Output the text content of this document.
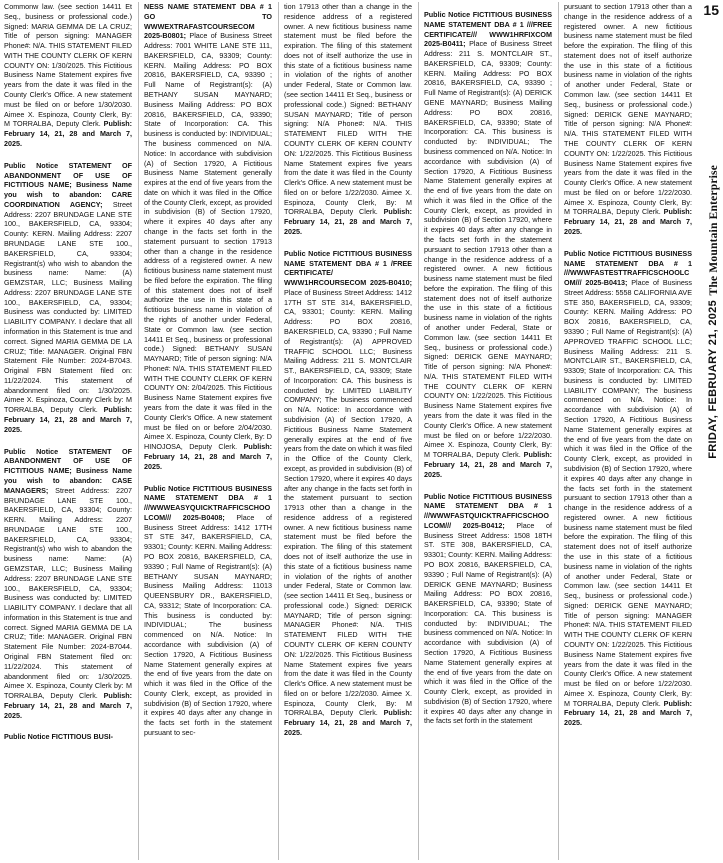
Commonw law. (see section 14411 Et Seq., business or professional code.) Signed: MARIA GEMMA DE LA CRUZ; Title of person signing: MANAGER Phone#: N/A. THIS STATEMENT FILED WITH THE COUNTY CLERK OF KERN COUNTY ON: 1/30/2025. This Fictitious Business Name Statement expires five years from the date it was filed in the County Clerk's Office. A new statement must be filed on or before 1/30/2030. Aimee X. Espinoza, County Clerk, By: M TORRALBA, Deputy Clerk. Publish: February 14, 21, 28 and March 7, 2025.
Public Notice STATEMENT OF ABANDONMENT OF USE OF FICTITIOUS NAME; Business Name you wish to abandon: CARE COORDINATION AGENCY; Street Address: 2207 BRUNDAGE LANE STE 100., BAKERSFIELD, CA, 93304; County: KERN. Mailing Address: 2207 BRUNDAGE LANE STE 100., BAKERSFIELD, CA, 93304; Registrant(s) who wish to abandon the business name: Name: (A) GEMZSTAR, LLC; Business Mailing Address: 2207 BRUNDAGE LANE STE 100., BAKERSFIELD, CA, 93304; Business was conducted by: LIMITED LIABILITY COMPANY. I declare that all information in this Statement is true and correct. Signed MARIA GEMMA DE LA CRUZ; Title: MANAGER. Original FBN Statement File Number: 2024-B7043. Original FBN Statement filed on: 11/22/2024. This statement of abandonment filed on: 1/30/2025. Aimee X. Espinoza, County Clerk by: M TORRALBA, Deputy Clerk. Publish: February 14, 21, 28 and March 7, 2025.
Public Notice STATEMENT OF ABANDONMENT OF USE OF FICTITIOUS NAME; Business Name you wish to abandon: CASE MANAGERS; Street Address: 2207 BRUNDAGE LANE STE 100., BAKERSFIELD, CA, 93304; County: KERN. Mailing Address: 2207 BRUNDAGE LANE STE 100., BAKERSFIELD, CA, 93304; Registrant(s) who wish to abandon the business name: Name: (A) GEMZSTAR, LLC; Business Mailing Address: 2207 BRUNDAGE LANE STE 100., BAKERSFIELD, CA, 93304; Business was conducted by: LIMITED LIABILITY COMPANY. I declare that all information in this Statement is true and correct. Signed MARIA GEMMA DE LA CRUZ; Title: MANAGER. Original FBN Statement File Number: 2024-B7044. Original FBN Statement filed on: 11/22/2024. This statement of abandonment filed on: 1/30/2025. Aimee X. Espinoza, County Clerk by: M TORRALBA, Deputy Clerk. Publish: February 14, 21, 28 and March 7, 2025.
Public Notice FICTITIOUS BUSI-
NESS NAME STATEMENT DBA # 1 GO TO WWWEXTRAFASTCOURSECOM 2025-B0801; Place of Business Street Address: 7001 WHITE LANE STE 111, BAKERSFIELD, CA, 93309; County: KERN. Mailing Address: PO BOX 20816, BAKERSFIELD, CA, 93390 ; Full Name of Registrant(s): (A) BETHANY SUSAN MAYNARD; Business Mailing Address: PO BOX 20816, BAKERSFIELD, CA, 93390; State of Incorporation: CA. This business is conducted by: INDIVIDUAL; The business commenced on N/A. Notice: In accordance with subdivision (A) of Section 17920, A Fictitious Business Name Statement generally expires at the end of five years from the date on which it was filed in the Office of the County Clerk, except, as provided in subdivision (B) of Section 17920, where it expires 40 days after any change in the facts set forth in the statement pursuant to section 17913 other than a change in the residence address of a registered owner. A new fictitious business name statement must be filed before the expiration. The filing of this statement does not of itself authorize the use in this state of a fictitious business name in violation of the rights of another under Federal, State or Common law. (see section 14411 Et Seq., business or professional code.) Signed: BETHANY SUSAN MAYNARD; Title of person signing: N/A Phone#: N/A. THIS STATEMENT FILED WITH THE COUNTY CLERK OF KERN COUNTY ON: 2/04/2025. This Fictitious Business Name Statement expires five years from the date it was filed in the County Clerk's Office. A new statement must be filed on or before 2/04/2030. Aimee X. Espinoza, County Clerk, By: D HINOJOSA, Deputy Clerk. Publish: February 14, 21, 28 and March 7, 2025.
Public Notice FICTITIOUS BUSINESS NAME STATEMENT DBA # 1 ///WWWEASYQUICKTRAFFICSCHOOLCOM/// 2025-B0408; Place of Business Street Address: 1412 17TH ST STE 347, BAKERSFIELD, CA, 93301; County: KERN. Mailing Address: PO BOX 20816, BAKERSFIELD, CA, 93390 ; Full Name of Registrant(s): (A) BETHANY SUSAN MAYNARD; Business Mailing Address: 11013 QUEENSBURY DR., BAKERSFIELD, CA, 93312; State of Incorporation: CA. This business is conducted by: INDIVIDUAL; The business commenced on N/A. Notice: In accordance with subdivision (A) of Section 17920, A Fictitious Business Name Statement generally expires at the end of five years from the date on which it was filed in the Office of the County Clerk, except, as provided in subdivision (B) of Section 17920, where it expires 40 days after any change in the facts set forth in the statement pursuant to sec-
tion 17913 other than a change in the residence address of a registered owner. A new fictitious business name statement must be filed before the expiration. The filing of this statement does not of itself authorize the use in this state of a fictitious business name in violation of the rights of another under Federal, State or Common law. (see section 14411 Et Seq., business or professional code.) Signed: BETHANY SUSAN MAYNARD; Title of person signing: N/A Phone#: N/A. THIS STATEMENT FILED WITH THE COUNTY CLERK OF KERN COUNTY ON: 1/22/2025. This Fictitious Business Name Statement expires five years from the date it was filed in the County Clerk's Office. A new statement must be filed on or before 1/22/2030. Aimee X. Espinoza, County Clerk, By: M TORRALBA, Deputy Clerk. Publish: February 14, 21, 28 and March 7, 2025.
Public Notice FICTITIOUS BUSINESS NAME STATEMENT DBA # 1 /FREE CERTIFICATE/ WWW1HRCOURSECOM 2025-B0410; Place of Business Street Address: 1412 17TH ST STE 314, BAKERSFIELD, CA, 93301; County: KERN. Mailing Address: PO BOX 20816, BAKERSFIELD, CA, 93390 ; Full Name of Registrant(s): (A) APPROVED TRAFFIC SCHOOL LLC; Business Mailing Address: 211 S. MONTCLAIR ST., BAKERSFIELD, CA, 93309; State of Incorporation: CA. This business is conducted by: LIMITED LIABILITY COMPANY; The business commenced on N/A. Notice: In accordance with subdivision (A) of Section 17920, A Fictitious Business Name Statement generally expires at the end of five years from the date on which it was filed in the Office of the County Clerk, except, as provided in subdivision (B) of Section 17920, where it expires 40 days after any change in the facts set forth in the statement pursuant to section 17913 other than a change in the residence address of a registered owner. A new fictitious business name statement must be filed before the expiration. The filing of this statement does not of itself authorize the use in this state of a fictitious business name in violation of the rights of another under Federal, State or Common law. (see section 14411 Et Seq., business or professional code.) Signed: DERICK MAYNARD; Title of person signing: MANAGER Phone#: N/A. THIS STATEMENT FILED WITH THE COUNTY CLERK OF KERN COUNTY ON: 1/22/2025. This Fictitious Business Name Statement expires five years from the date it was filed in the County Clerk's Office. A new statement must be filed on or before 1/22/2030. Aimee X. Espinoza, County Clerk, By: M TORRALBA, Deputy Clerk. Publish: February 14, 21, 28 and March 7, 2025.
Public Notice FICTITIOUS BUSINESS NAME STATEMENT DBA # 1 ///FREE CERTIFICATE/// WWW1HRFIXCOM 2025-B0411; Place of Business Street Address: 211 S. MONTCLAIR ST., BAKERSFIELD, CA, 93309; County: KERN. Mailing Address: PO BOX 20816, BAKERSFIELD, CA, 93390 ; Full Name of Registrant(s): (A) DERICK GENE MAYNARD; Business Mailing Address: PO BOX 20816, BAKERSFIELD, CA, 93390; State of Incorporation: CA. This business is conducted by: INDIVIDUAL; The business commenced on N/A. Notice: In accordance with subdivision (A) of Section 17920, A Fictitious Business Name Statement generally expires at the end of five years from the date on which it was filed in the Office of the County Clerk, except, as provided in subdivision (B) of Section 17920, where it expires 40 days after any change in the facts set forth in the statement pursuant to section 17913 other than a change in the residence address of a registered owner. A new fictitious business name statement must be filed before the expiration. The filing of this statement does not of itself authorize the use in this state of a fictitious business name in violation of the rights of another under Federal, State or Common law. (see section 14411 Et Seq., business or professional code.) Signed: DERICK GENE MAYNARD; Title of person signing: N/A Phone#: N/A. THIS STATEMENT FILED WITH THE COUNTY CLERK OF KERN COUNTY ON: 1/22/2025. This Fictitious Business Name Statement expires five years from the date it was filed in the County Clerk's Office. A new statement must be filed on or before 1/22/2030. Aimee X. Espinoza, County Clerk, By: M TORRALBA, Deputy Clerk. Publish: February 14, 21, 28 and March 7, 2025.
Public Notice FICTITIOUS BUSINESS NAME STATEMENT DBA # 1 ///WWWFASTQUICKTRAFFICSCHOOLCOM/// 2025-B0412; Place of Business Street Address: 1508 18TH ST. STE 308, BAKERSFIELD, CA, 93301; County: KERN. Mailing Address: PO BOX 20816, BAKERSFIELD, CA, 93390 ; Full Name of Registrant(s): (A) DERICK GENE MAYNARD; Business Mailing Address: PO BOX 20816, BAKERSFIELD, CA, 93390; State of Incorporation: CA. This business is conducted by: INDIVIDUAL; The business commenced on N/A. Notice: In accordance with subdivision (A) of Section 17920, A Fictitious Business Name Statement generally expires at the end of five years from the date on which it was filed in the Office of the County Clerk, except, as provided in subdivision (B) of Section 17920, where it expires 40 days after any change in the facts set forth in the statement
pursuant to section 17913 other than a change in the residence address of a registered owner. A new fictitious business name statement must be filed before the expiration. The filing of this statement does not of itself authorize the use in this state of a fictitious business name in violation of the rights of another under Federal, State or Common law. (see section 14411 Et Seq., business or professional code.) Signed: DERICK GENE MAYNARD; Title of person signing: N/A Phone#: N/A. THIS STATEMENT FILED WITH THE COUNTY CLERK OF KERN COUNTY ON: 1/22/2025. This Fictitious Business Name Statement expires five years from the date it was filed in the County Clerk's Office. A new statement must be filed on or before 1/22/2030. Aimee X. Espinoza, County Clerk, By: M TORRALBA, Deputy Clerk. Publish: February 14, 21, 28 and March 7, 2025.
Public Notice FICTITIOUS BUSINESS NAME STATEMENT DBA # 1 ///WWWFASTESTTRAFFICSCHOOLCOM/// 2025-B0413; Place of Business Street Address: 5558 CALIFORNIA AVE STE 350, BAKERSFIELD, CA, 93309; County: KERN. Mailing Address: PO BOX 20816, BAKERSFIELD, CA, 93390 ; Full Name of Registrant(s): (A) APPROVED TRAFFIC SCHOOL LLC; Business Mailing Address: 211 S. MONTCLAIR ST., BAKERSFIELD, CA, 93309; State of Incorporation: CA. This business is conducted by: LIMITED LIABILITY COMPANY; The business commenced on N/A. Notice: In accordance with subdivision (A) of Section 17920, A Fictitious Business Name Statement generally expires at the end of five years from the date on which it was filed in the Office of the County Clerk, except, as provided in subdivision (B) of Section 17920, where it expires 40 days after any change in the facts set forth in the statement pursuant to section 17913 other than a change in the residence address of a registered owner. A new fictitious business name statement must be filed before the expiration. The filing of this statement does not of itself authorize the use in this state of a fictitious business name in violation of the rights of another under Federal, State or Common law. (see section 14411 Et Seq., business or professional code.) Signed: DERICK GENE MAYNARD; Title of person signing: MANAGER Phone#: N/A. THIS STATEMENT FILED WITH THE COUNTY CLERK OF KERN COUNTY ON: 1/22/2025. This Fictitious Business Name Statement expires five years from the date it was filed in the County Clerk's Office. A new statement must be filed on or before 1/22/2030. Aimee X. Espinoza, County Clerk, By: M TORRALBA, Deputy Clerk. Publish: February 14, 21, 28 and March 7, 2025.
15
The Mountain Enterprise
FRIDAY, FEBRUARY 21, 2025
